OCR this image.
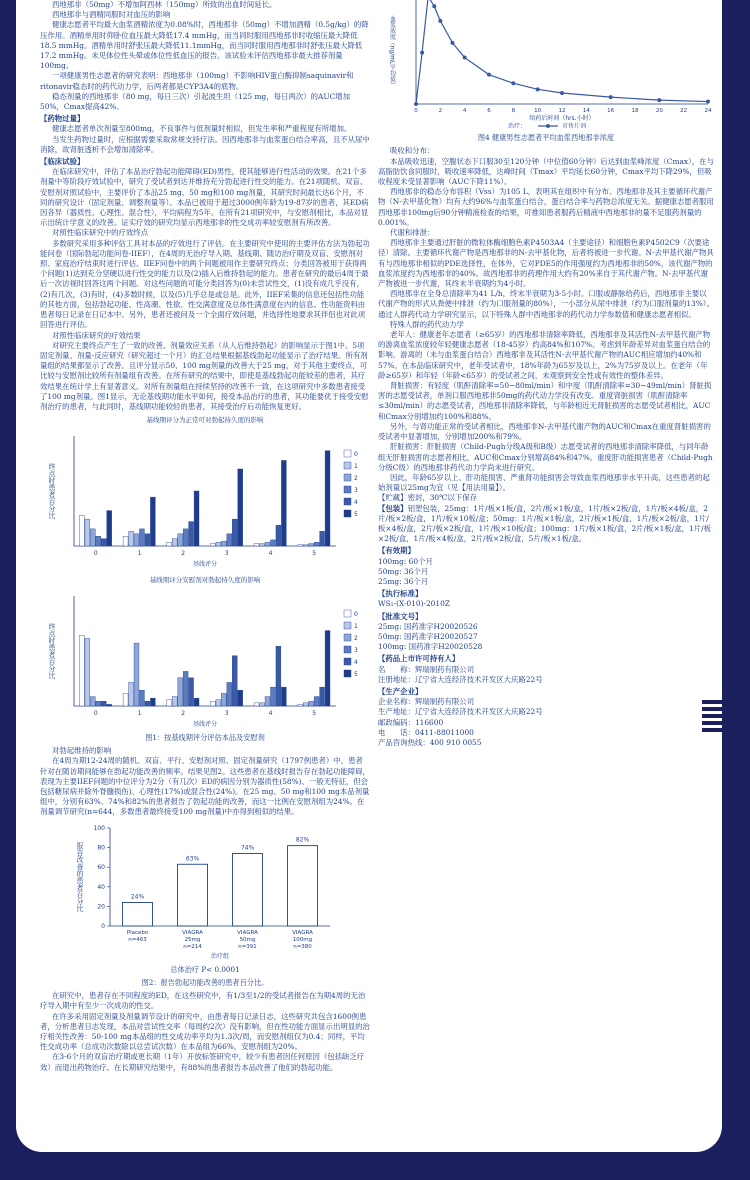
西地那非（50mg）不增加阿西林（150mg）所致的出血时间延长。

西地那非与酒精同服时对血压的影响

健康志愿者平均最大血浆酒精浓度为0.08%时，西地那非（50mg）不增加酒精（0.5g/kg）的降压作用。酒精单用时仰卧位血压最大降低17.4 mmHg，而当同时服用西地那非时收缩压最大降低18.5 mmHg。酒精单用时舒张压最大降低11.1mmHg，而当同时服用西地那非时舒张压最大降低17.2 mmHg。未见体位性头晕或体位性低血压的报告。该试验未评估西地那非最大推荐剂量100mg。

一项健康男性志愿者的研究表明：西地那非（100mg）不影响HIV蛋白酶抑制saquinavir和ritonavir稳态时的药代动力学，后两者都是CYP3A4的底物。

稳态剂量的西地那非（80 mg，每日三次）引起波生坦（125 mg，每日两次）的AUC增加50%，Cmax提高42%。

【药物过量】

健康志愿者单次剂量至800mg，不良事件与低剂量时相似，但发生率和严重程度有所增加。

当发生药物过量时，应根据需要采取常规支持疗法。因西地那非与血浆蛋白结合率高，且不从尿中消除，故肾脏透析不会增加清除率。

【临床试验】

在临床研究中，评估了本品治疗勃起功能障碍(ED)男性，使其能够进行性活动的效果。在21个多剂量中等阶段疗效试验中，研究了受试者到达并维持充分勃起进行性交的能力。在21项随机、双盲、安慰剂对照试验中，主要评价了本品25 mg、50 mg和100 mg剂量，其研究时间最长达6个月，不同的研究设计（固定剂量、调整剂量等）。本品已被用于超过3000例年龄为19-87岁的患者，其ED病因各异（器质性、心理性、混合性），平均病程为5年。在所有21项研究中，与安慰剂相比，本品对显示出统计学意义的改善。证实疗效的研究均显示西地那非的性交成功率较安慰剂有所改善。

对照性临床研究中的疗效终点

多数研究采用多种评估工具对本品的疗效进行了评估。在主要研究中使用的主要评估方法为勃起功能问卷（国际勃起功能问卷-IIEF），在4周的无治疗导入期、基线期、随访治疗期及双盲、安慰剂对照、家庭治疗结束时进行评估。IIEF问卷中的两个问题被用作主要研究终点；分类回答被用于获得两个问题(1)达到充分坚硬以进行性交的能力以及(2)插入后维持勃起的能力。患者在研究的最后4周于最后一次访视时回答这两个问题。对这些问题的可能分类回答为(0)未尝试性交，(1)没有成几乎没有，(2)有几次，(3)有时，(4)多数时候，以及(5)几乎总是或总是。此外，IIEF采集的信息还包括性功能的其他方面，包括勃起功能、性高潮、性欲、性交满意度及总体性满意度在内的信息。性功能资料由患者每日记录在日记本中。另外，患者还被问及一个全面疗效问题，并选择性地要求其伴侣也对此项回答进行评估。

对照性临床研究的疗效结果

对研究主要终点产生了一致的改善。剂量效应关系（从人后维持勃起）的影响显示于图1中。5项固定剂量、剂量-反应研究（研究超过一个月）的汇总结果根据基线勃起功能显示了治疗结果。所有剂量组的结果都显示了改善。且评分显示50、100 mg剂量的改善大于25 mg，对于其他主要终点，可比较与安慰剂比较所有剂量组有改善。在所有研究的结果中，即使是基线勃起功能较差的患者，其疗效结果在统计学上有显著意义。对所有剂量组在持续坚持的改善不一致，在这项研究中多数患者接受了100 mg剂量。图1显示，无论基线期功能水平如何，接受本品治疗的患者，其功能要优于接受安慰剂治疗的患者，与此同时，基线期功能较轻的患者，其接受治疗后功能恢复更好。

基线期评分为正常可对勃起持久度的影响
终点时患者百分比
基线评分
0	1	2	3	4	5
0
1
2
3
4
5
基线期评分安慰剂对勃起持久度的影响
终点时患者百分比
基线评分
0	1	2	3	4	5
0
1
2
3
4
5
图1：按基线期评分评估本品及安慰剂

对勃起维持的影响

在4周为期12-24周的随机、双盲、平行、安慰剂对照、固定剂量研究（1797例患者）中，患者针对在随访期间能够在勃起功能改善的频率。结果见图2。这些患者在基线时报告存在勃起功能障碍，表现为主要IIEF问题的中位评分为2分（有几次）ED的病因分别为器质性(58%)、一般无特征，但会包括糖尿病并除外脊髓损伤)、心理性(17%)或混合性(24%)。在25 mg、50 mg和100 mg本品剂量组中，分别有63%、74%和82%的患者报告了勃起功能的改善，而这一比例在安慰剂组为24%。在剂量调节研究(n=644，多数患者最终接受100 mg剂量)中亦得到相似的结果。

报告改善的患者百分比
治疗组
0
20
40
60
80
100
24%
Placebo
n=463
63%
VIAGRA
25mg
n=214
74%
VIAGRA
50mg
n=391
82%
VIAGRA
100mg
n=380
总体治疗 P< 0.0001
图2：报告勃起功能改善的患者百分比。

在研究中，患者存在不同程度的ED，在这些研究中，有1/3至1/2的受试者报告在为期4周的无治疗导入期中有至少一次成功的性交。

在许多采用固定剂量及剂量调节设计的研究中，由患者每日记录日志，这些研究共包含1600例患者，分析患者日志发现，本品对尝试性交率（每周约2次）没有影响，但在性功能方面显示出明显的治疗相关性改善：50-100 mg本品组的性交成功率平均为1.3次/周，而安慰剂组仅为0.4；同样，平均性交成功率（总成功次数除以总尝试次数）在本品组为66%，安慰剂组为20%。

在3-6个月的双盲治疗期或更长期（1年）开放标签研究中，较少有患者因任何原因（包括缺乏疗效）而退出药物治疗。在长期研究结果中，有88%的患者报告本品改善了他们的勃起功能。

血浆浓度（ng/mL平均值）
0	2	4	6	8	10	12	14	16	18	20	22	24
给药后时间（hrs.小时）
治疗：	市售片剂
图4 健康男性志愿者平均血浆西地那非浓度

吸收和分布：

本品吸收迅速，空腹状态下口服30至120分钟（中位值60分钟）后达到血浆峰浓度（Cmax），在与高脂肪饮食同服时，吸收速率降低，达峰时间（Tmax）平均延长60分钟，Cmax平均下降29%，但吸收程度未受显著影响（AUC下降11%）。

西地那非的稳态分布容积（Vss）为105 L，表明其在组织中有分布。西地那非及其主要循环代谢产物（N-去甲基化物）均有大约96%与血浆蛋白结合，蛋白结合率与药物总浓度无关。据健康志愿者服用西地那非100mg后90分钟精液检查的结果，可推知患者服药后精液中西地那非的量不足服药剂量的0.001%。

代谢和排泄：

西地那非主要通过肝脏的微粒体酶细胞色素P4503A4（主要途径）和细胞色素P4502C9（次要途径）清除。主要循环代谢产物是西地那非的N-去甲基化物，后者将被进一步代谢。N-去甲基代谢产物具有与西地那非相似的PDE选择性，在体外，它对PDE5的作用强度约为西地那非的50%，该代谢产物的血浆浓度约为西地那非的40%。故西地那非的药理作用大约有20%来自于其代谢产物。N-去甲基代谢产物被进一步代谢，其终末半衰期约为4小时。

西地那非在全身总清除率为41 L/h，终末半衰期为3-5小时。口服或静脉给药后，西地那非主要以代谢产物的形式从粪便中排泄（约为口服剂量的80%），一小部分从尿中排泄（约为口服剂量的13%）。通过人群药代动力学研究显示，以下特殊人群中西地那非的药代动力学参数值和健康志愿者相似。

特殊人群的药代动力学

老年人：健康老年志愿者（≥65岁）的西地那非清除率降低，西地那非及其活性N-去甲基代谢产物的游离血浆浓度较年轻健康志愿者（18-45岁）约高84%和107%。考虑到年龄差异对血浆蛋白结合的影响，游离的（未与血浆蛋白结合）西地那非及其活性N-去甲基代谢产物的AUC相应增加约40%和57%。在本品临床研究中，老年受试者中，18%年龄为65岁及以上，2%为75岁及以上。在老年（年龄≥65岁）和年轻（年龄<65岁）的受试者之间，未观察到安全性或有效性的整体差异。

肾脏损害：有轻度（肌酐清除率=50~80ml/min）和中度（肌酐清除率=30~49ml/min）肾脏损害的志愿受试者，单剂口服西地那非50mg的药代动力学没有改变。重度肾脏损害（肌酐清除率≤30ml/min）的志愿受试者，西地那非清除率降低，与年龄相近无肾脏损害的志愿受试者相比，AUC和Cmax分别增加约100%和88%。

另外，与肾功能正常的受试者相比，西地那非N-去甲基代谢产物的AUC和Cmax在重度肾脏损害的受试者中显著增加，分别增加200%和79%。

肝脏损害：肝脏损害（Child-Pugh分级A级和B级）志愿受试者的西地那非清除率降低，与同年龄组无肝脏损害的志愿者相比，AUC和Cmax分别增高84%和47%。重度肝功能损害患者（Child-Pugh分级C级）的西地那非药代动力学尚未进行研究。

因此，年龄65岁以上、肝功能损害、严重肾功能损害会导致血浆西地那非水平升高，这些患者的起始剂量以25mg为宜（见【用法用量】）。

【贮藏】密封，30℃以下保存

【包装】铝塑包装，25mg：1片/板×1板/盒，2片/板×1板/盒，1片/板×2板/盒，1片/板×4板/盒，2片/板×2板/盒，1片/板×10板/盒；50mg：1片/板×1板/盒，2片/板×1板/盒，1片/板×2板/盒，1片/板×4板/盒，2片/板×2板/盒，1片/板×10板/盒；100mg：1片/板×1板/盒，2片/板×1板/盒，1片/板×2板/盒，1片/板×4板/盒，2片/板×2板/盒，5片/板×1板/盒。

【有效期】

100mg: 60个月

50mg: 36个月

25mg: 36个月

【执行标准】

WS₁-(X-010)-2010Z

【批准文号】

25mg: 国药准字H20020526

50mg: 国药准字H20020527

100mg: 国药准字H20020528

【药品上市许可持有人】

名　　称：辉瑞制药有限公司

注册地址：辽宁省大连经济技术开发区大庆路22号

【生产企业】

企业名称：辉瑞制药有限公司

生产地址：辽宁省大连经济技术开发区大庆路22号

邮政编码：116600

电　　话：0411-88011000

产品咨询热线：400 910 0055
